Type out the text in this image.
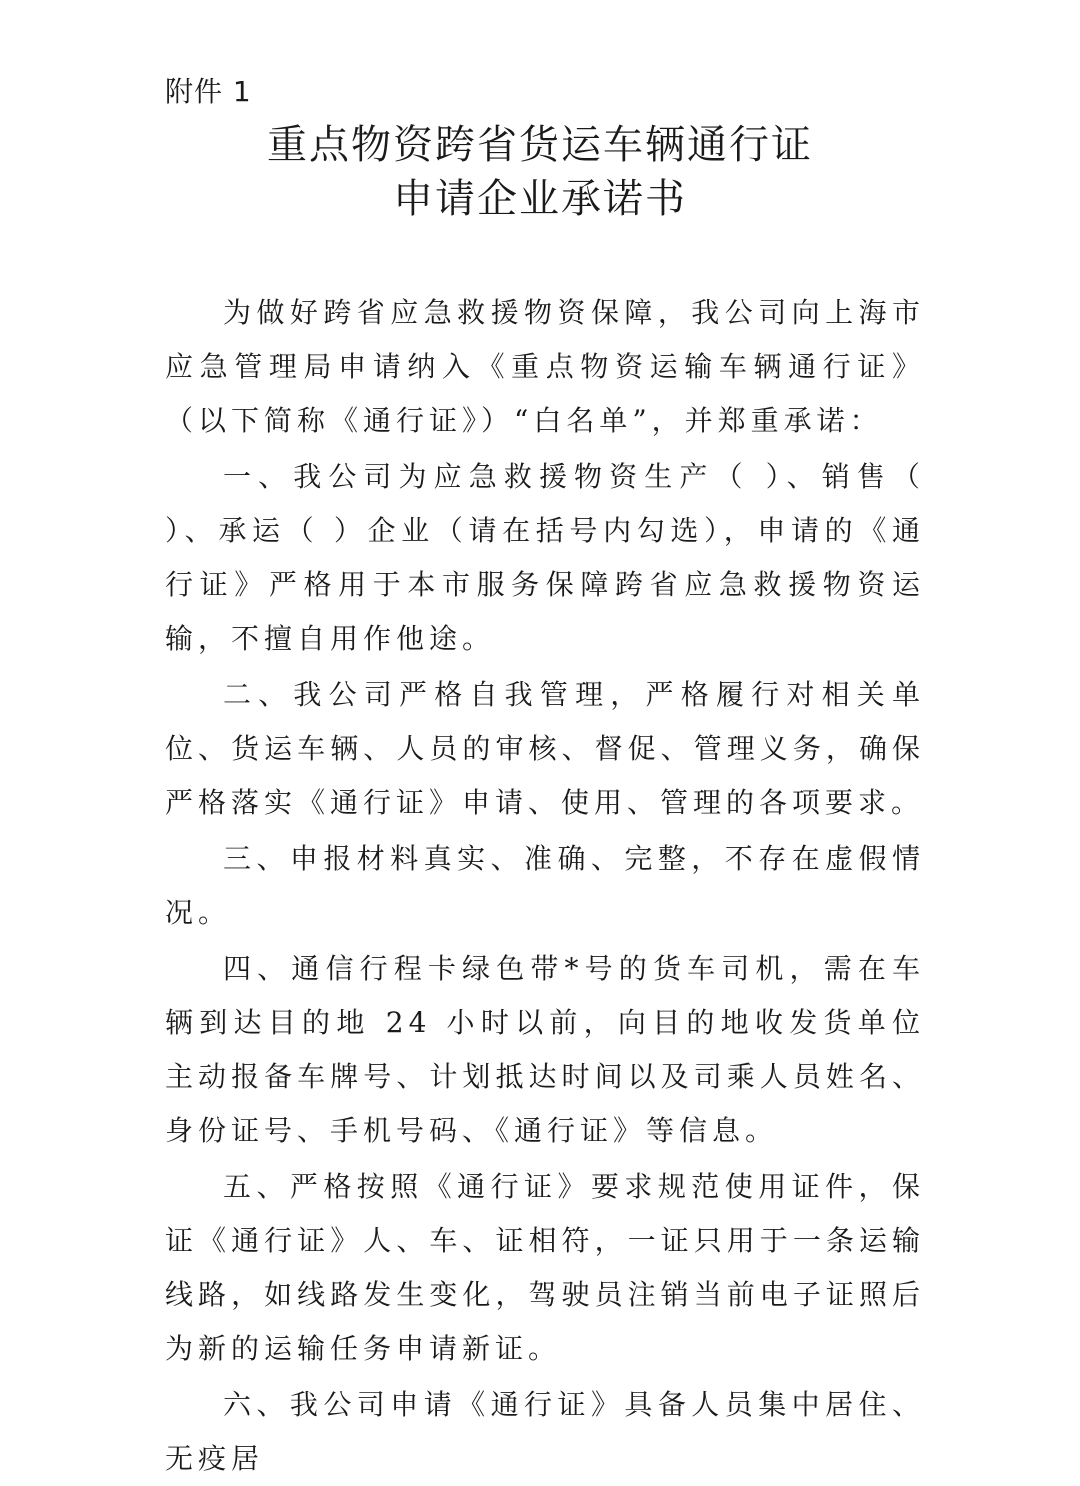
附件 1
重点物资跨省货运车辆通行证
申请企业承诺书

为做好跨省应急救援物资保障，我公司向上海市应急管理局申请纳入《重点物资运输车辆通行证》（以下简称《通行证》）“白名单”，并郑重承诺：

一、我公司为应急救援物资生产（ ）、销售（ ）、承运（ ）企业（请在括号内勾选），申请的《通行证》严格用于本市服务保障跨省应急救援物资运输，不擅自用作他途。

二、我公司严格自我管理，严格履行对相关单位、货运车辆、人员的审核、督促、管理义务，确保严格落实《通行证》申请、使用、管理的各项要求。

三、申报材料真实、准确、完整，不存在虚假情况。

四、通信行程卡绿色带*号的货车司机，需在车辆到达目的地 24 小时以前，向目的地收发货单位主动报备车牌号、计划抵达时间以及司乘人员姓名、身份证号、手机号码、《通行证》等信息。

五、严格按照《通行证》要求规范使用证件，保证《通行证》人、车、证相符，一证只用于一条运输线路，如线路发生变化，驾驶员注销当前电子证照后为新的运输任务申请新证。

六、我公司申请《通行证》具备人员集中居住、无疫居
